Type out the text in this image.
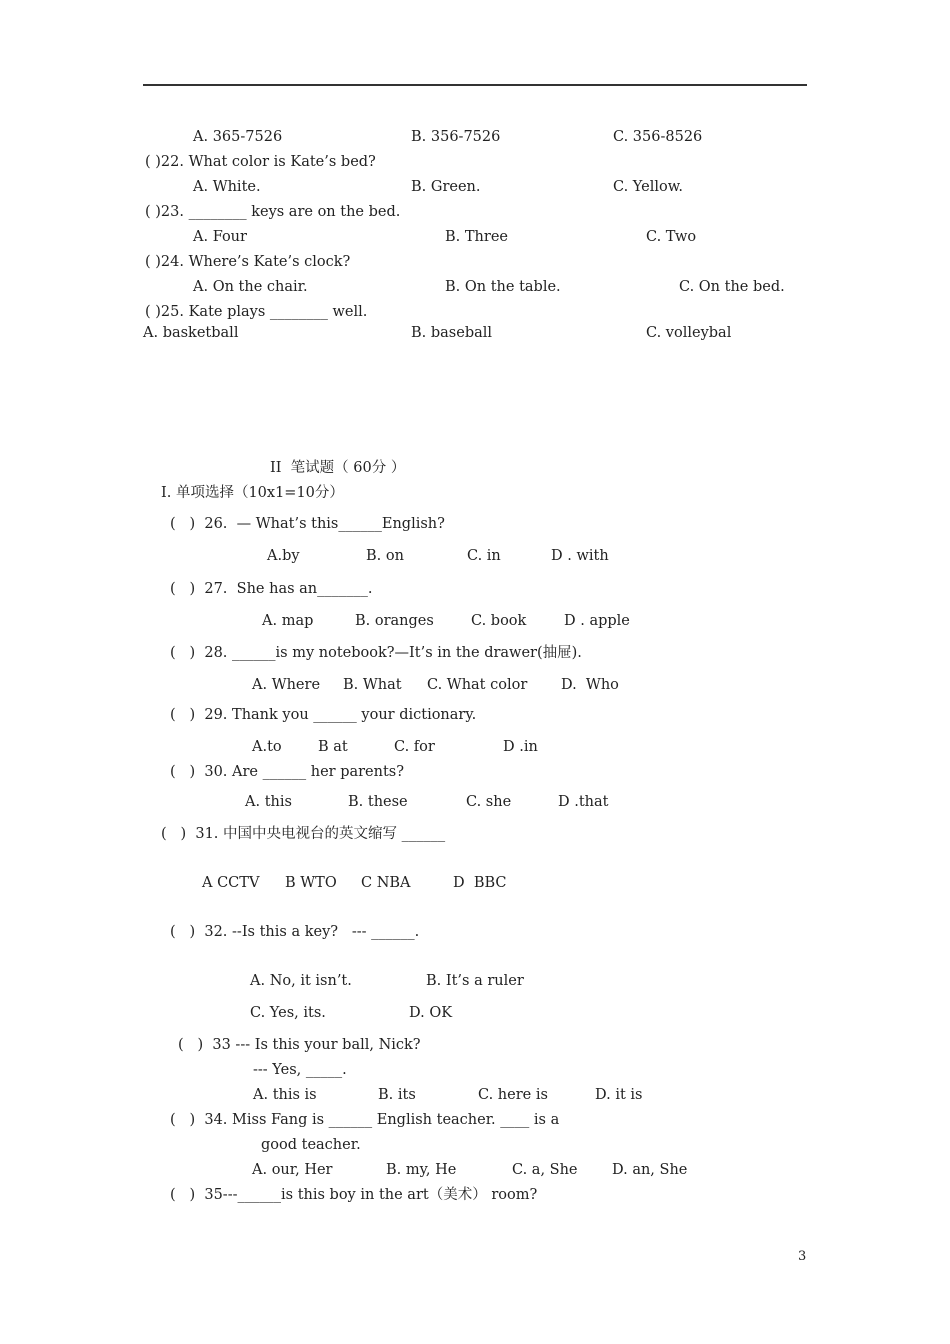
A. 365-7526	B. 356-7526	C. 356-8526
( )22. What color is Kate’s bed?
A. White.	B. Green.	C. Yellow.
( )23. ________ keys are on the bed.
A. Four	B. Three	C. Two
( )24. Where’s Kate’s clock?
A. On the chair.	B. On the table.	C. On the bed.
( )25. Kate plays ________ well.
A. basketball	B. baseball	C. volleybal
II  笔试题（ 60分 ）
I. 单项选择（10x1=10分）
(   )  26.  — What’s this______English?
A.by	B. on	C. in	D . with
(   )  27.  She has an_______.
A. map	B. oranges	C. book	D . apple
(   )  28. ______is my notebook?—It’s in the drawer(抽屉).
A. Where B. What C. What color D.  Who
(   )  29. Thank you ______ your dictionary.
A.to	B at	C. for	D .in
(   )  30. Are ______ her parents?
A. this	B. these	C. she	D .that
(   )  31. 中国中央电视台的英文缩写 ______
A CCTV B WTO C NBA	D  BBC
(   )  32. --Is this a key?   --- ______.
A. No, it isn’t.	B. It’s a ruler
C. Yes, its.	D. OK
(   )  33 --- Is this your ball, Nick?
--- Yes, _____.
A. this is	B. its	C. here is	D. it is
(   )  34. Miss Fang is ______ English teacher. ____ is a
good teacher.
A. our, Her	B. my, He	C. a, She D. an, She
(   )  35---______is this boy in the art（美术） room?
3
